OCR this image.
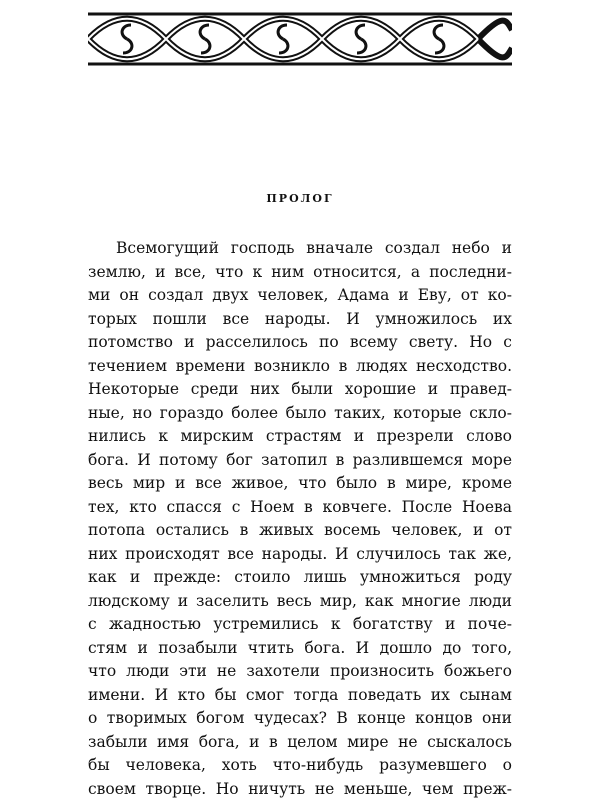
ПРОЛОГ
Всемогущий господь вначале создал небо и
землю, и все, что к ним относится, а последни-
ми он создал двух человек, Адама и Еву, от ко-
торых пошли все народы. И умножилось их
потомство и расселилось по всему свету. Но с
течением времени возникло в людях несходство.
Некоторые среди них были хорошие и правед-
ные, но гораздо более было таких, которые скло-
нились к мирским страстям и презрели слово
бога. И потому бог затопил в разлившемся море
весь мир и все живое, что было в мире, кроме
тех, кто спасся с Ноем в ковчеге. После Ноева
потопа остались в живых восемь человек, и от
них происходят все народы. И случилось так же,
как и прежде: стоило лишь умножиться роду
людскому и заселить весь мир, как многие люди
с жадностью устремились к богатству и поче-
стям и позабыли чтить бога. И дошло до того,
что люди эти не захотели произносить божьего
имени. И кто бы смог тогда поведать их сынам
о творимых богом чудесах? В конце концов они
забыли имя бога, и в целом мире не сыскалось
бы человека, хоть что-нибудь разумевшего о
своем творце. Но ничуть не меньше, чем преж-
